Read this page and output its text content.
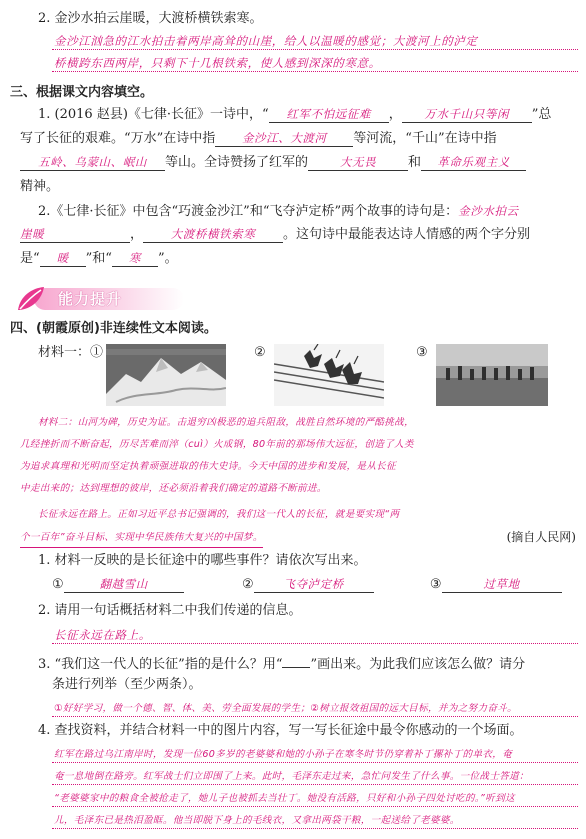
2. 金沙水拍云崖暖，大渡桥横铁索寒。
金沙江汹急的江水拍击着两岸高耸的山崖，给人以温暖的感觉；大渡河上的泸定
桥横跨东西两岸，只剩下十几根铁索，使人感到深深的寒意。
三、根据课文内容填空。
1. (2016 赵县)《七律·长征》一诗中，“ 红军不怕远征难 ， 万水千山只等闲 ”总
写了长征的艰难。“万水”在诗中指 金沙江、大渡河 等河流，“千山”在诗中指
五岭、乌蒙山、岷山 等山。全诗赞扬了红军的	大无畏 和 革命乐观主义
精神。
2.《七律·长征》中包含“巧渡金沙江”和“飞夺泸定桥”两个故事的诗句是：金沙水拍云
崖暖	， 大渡桥横铁索寒 。这句诗中最能表达诗人情感的两个字分别
是“ 暖 ”和“ 寒 ”。
能力提升
四、(朝霞原创)非连续性文本阅读。
材料一：①	②	③
材料二：山河为碑，历史为证。击退穷凶极恶的追兵阻敌，战胜自然环境的严酷挑战，
几经挫折而不断奋起，历尽苦难而淬（cuì）火成钢，80年前的那场伟大远征，创造了人类
为追求真理和光明而坚定执着顽强进取的伟大史诗。今天中国的进步和发展，是从长征
中走出来的；达到理想的彼岸，还必须沿着我们确定的道路不断前进。
长征永远在路上。正如习近平总书记强调的，我们这一代人的长征，就是要实现“两
个一百年”奋斗目标、实现中华民族伟大复兴的中国梦。	(摘自人民网)
1. 材料一反映的是长征途中的哪些事件？请依次写出来。
①	翻越雪山	②	飞夺泸定桥	③	过草地
2. 请用一句话概括材料二中我们传递的信息。
长征永远在路上。
3. “我们这一代人的长征”指的是什么？用“ ”画出来。为此我们应该怎么做？请分
条进行列举（至少两条）。
①好好学习，做一个德、智、体、美、劳全面发展的学生；②树立报效祖国的远大目标，并为之努力奋斗。
4. 查找资料，并结合材料一中的图片内容，写一写长征途中最令你感动的一个场面。
红军在路过乌江南岸时，发现一位60多岁的老婆婆和她的小孙子在寒冬时节仍穿着补丁摞补丁的单衣，奄
奄一息地倒在路旁。红军战士们立即围了上来。此时，毛泽东走过来，急忙问发生了什么事。一位战士答道：
“老婆婆家中的粮食全被抢走了，她儿子也被抓去当壮丁。她没有活路，只好和小孙子四处讨吃的。”听到这
儿，毛泽东已是热泪盈眶。他当即脱下身上的毛线衣，又拿出两袋干粮，一起送给了老婆婆。
